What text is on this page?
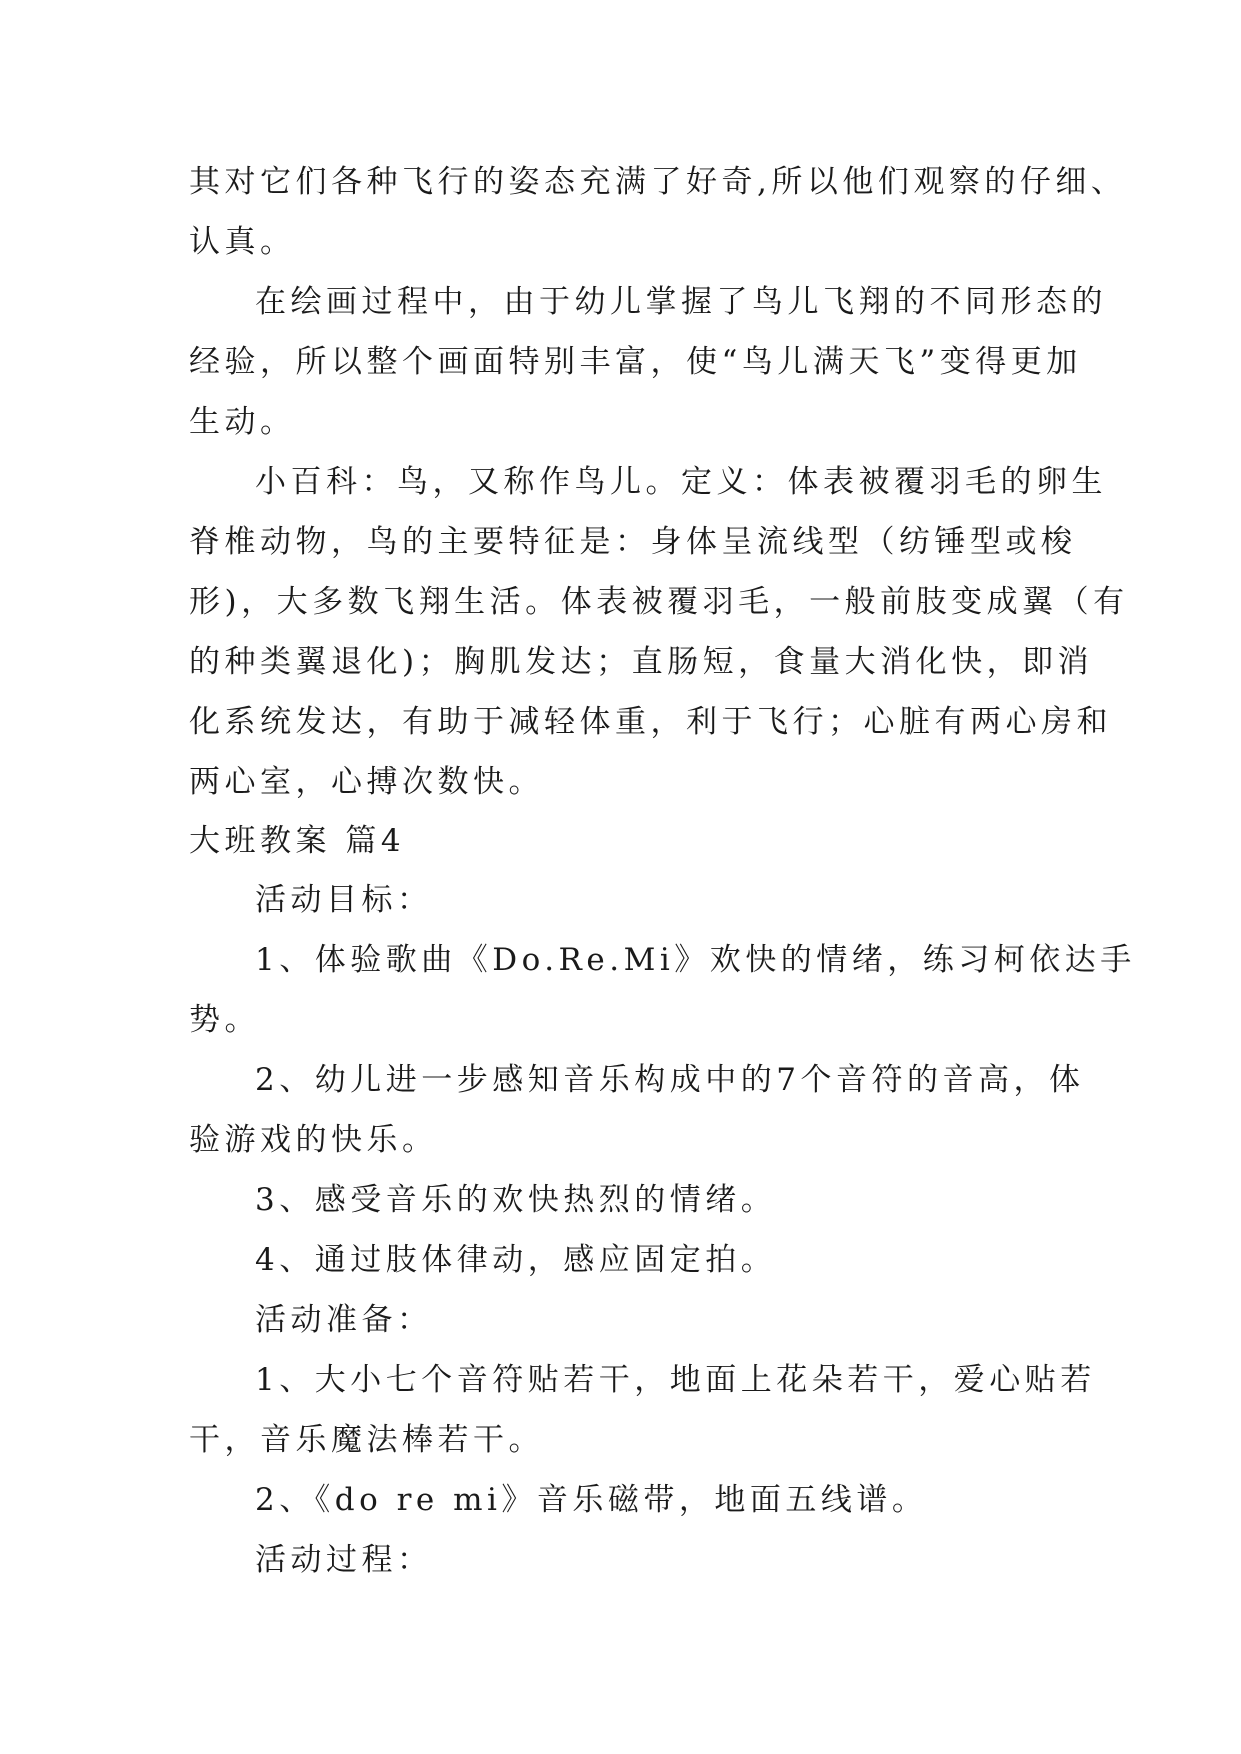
其对它们各种飞行的姿态充满了好奇,所以他们观察的仔细、
认真。
在绘画过程中，由于幼儿掌握了鸟儿飞翔的不同形态的
经验，所以整个画面特别丰富，使“鸟儿满天飞”变得更加
生动。
小百科：鸟，又称作鸟儿。定义：体表被覆羽毛的卵生
脊椎动物，鸟的主要特征是：身体呈流线型（纺锤型或梭
形)，大多数飞翔生活。体表被覆羽毛，一般前肢变成翼（有
的种类翼退化)；胸肌发达；直肠短，食量大消化快，即消
化系统发达，有助于减轻体重，利于飞行；心脏有两心房和
两心室，心搏次数快。
大班教案 篇4
活动目标：
1、体验歌曲《Do.Re.Mi》欢快的情绪，练习柯依达手
势。
2、幼儿进一步感知音乐构成中的7个音符的音高，体
验游戏的快乐。
3、感受音乐的欢快热烈的情绪。
4、通过肢体律动，感应固定拍。
活动准备：
1、大小七个音符贴若干，地面上花朵若干，爱心贴若
干，音乐魔法棒若干。
2、《do re mi》音乐磁带，地面五线谱。
活动过程：
